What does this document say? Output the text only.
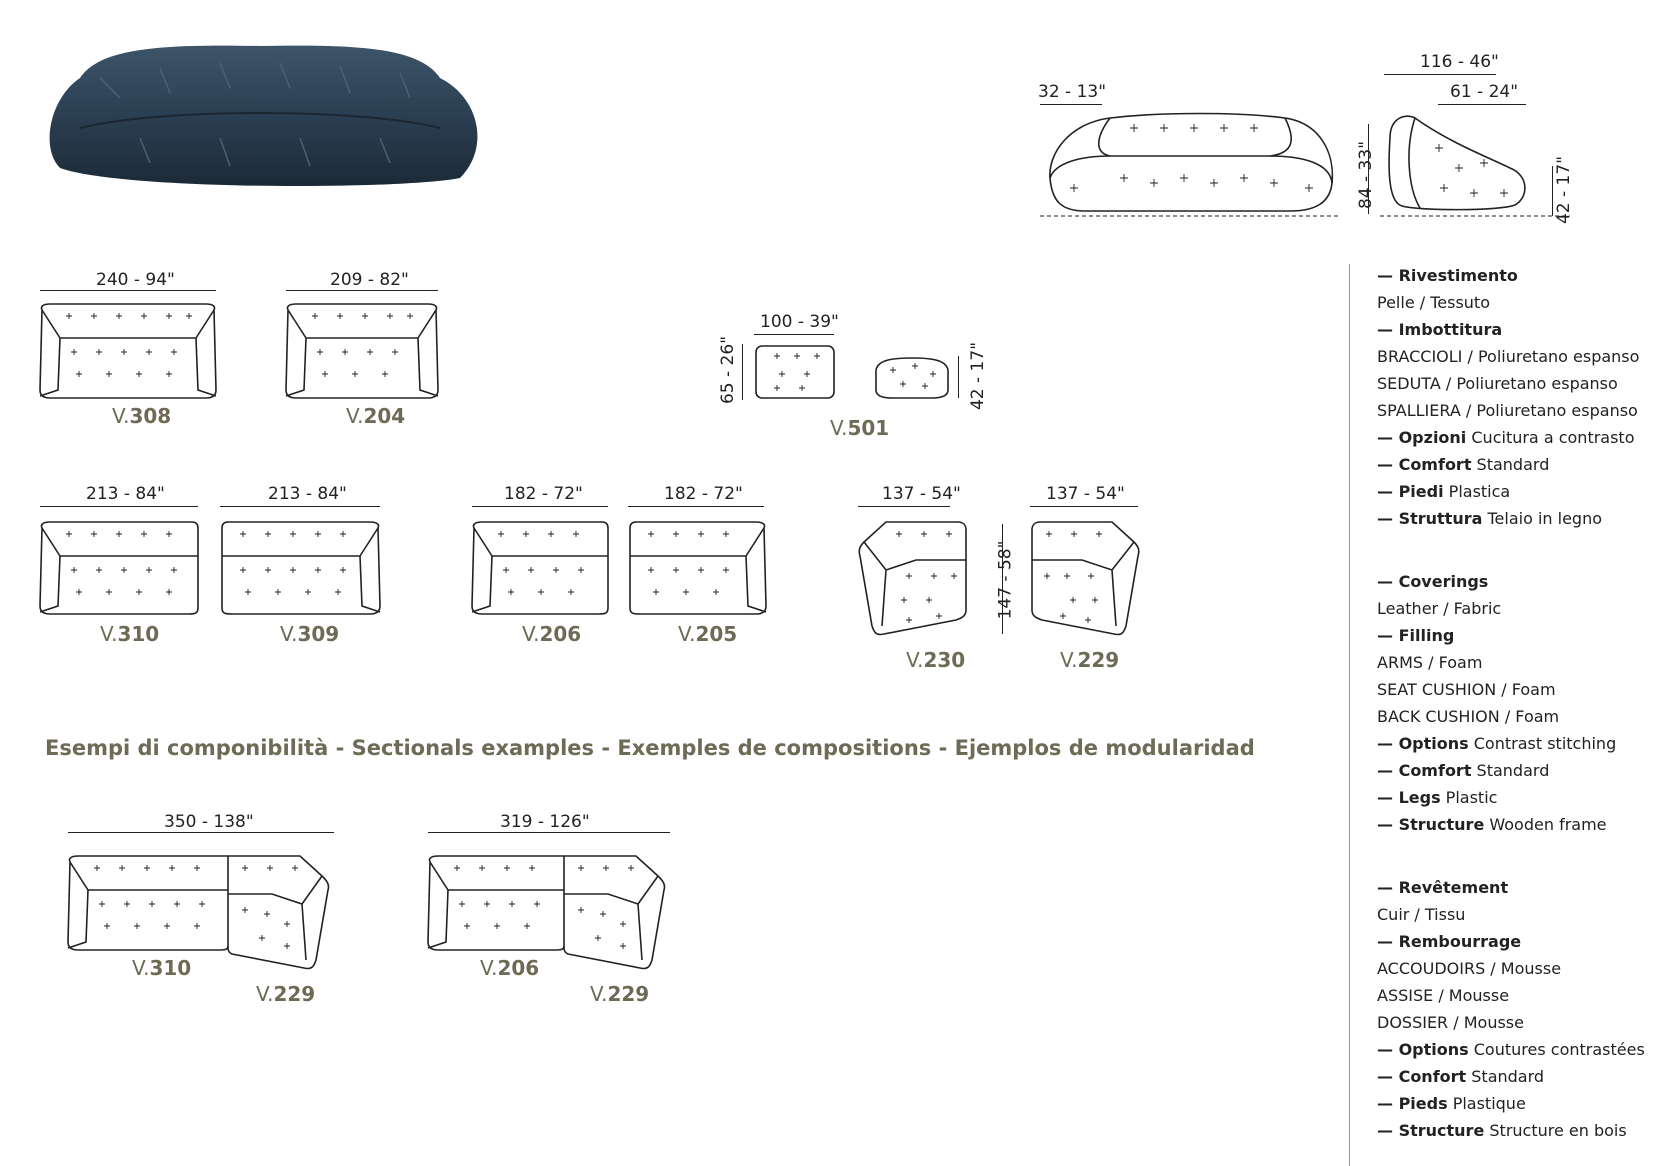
32 - 13"
116 - 46"
61 - 24"
84 - 33"	42 - 17"
240 - 94"
V.308
209 - 82"
V.204
100 - 39"
65 - 26"	42 - 17"
V.501
213 - 84"
V.310
213 - 84"
V.309
182 - 72"
V.206
182 - 72"
V.205
137 - 54"
147 - 58"
V.230
137 - 54"
V.229
Esempi di componibilità - Sectionals examples - Exemples de compositions - Ejemplos de modularidad
350 - 138"
V.310
V.229
319 - 126"
V.206
V.229
— Rivestimento
Pelle / Tessuto
— Imbottitura
BRACCIOLI / Poliuretano espanso
SEDUTA / Poliuretano espanso
SPALLIERA / Poliuretano espanso
— Opzioni Cucitura a contrasto
— Comfort Standard
— Piedi Plastica
— Struttura Telaio in legno
— Coverings
Leather / Fabric
— Filling
ARMS / Foam
SEAT CUSHION / Foam
BACK CUSHION / Foam
— Options Contrast stitching
— Comfort Standard
— Legs Plastic
— Structure Wooden frame
— Revêtement
Cuir / Tissu
— Rembourrage
ACCOUDOIRS / Mousse
ASSISE / Mousse
DOSSIER / Mousse
— Options Coutures contrastées
— Confort Standard
— Pieds Plastique
— Structure Structure en bois
